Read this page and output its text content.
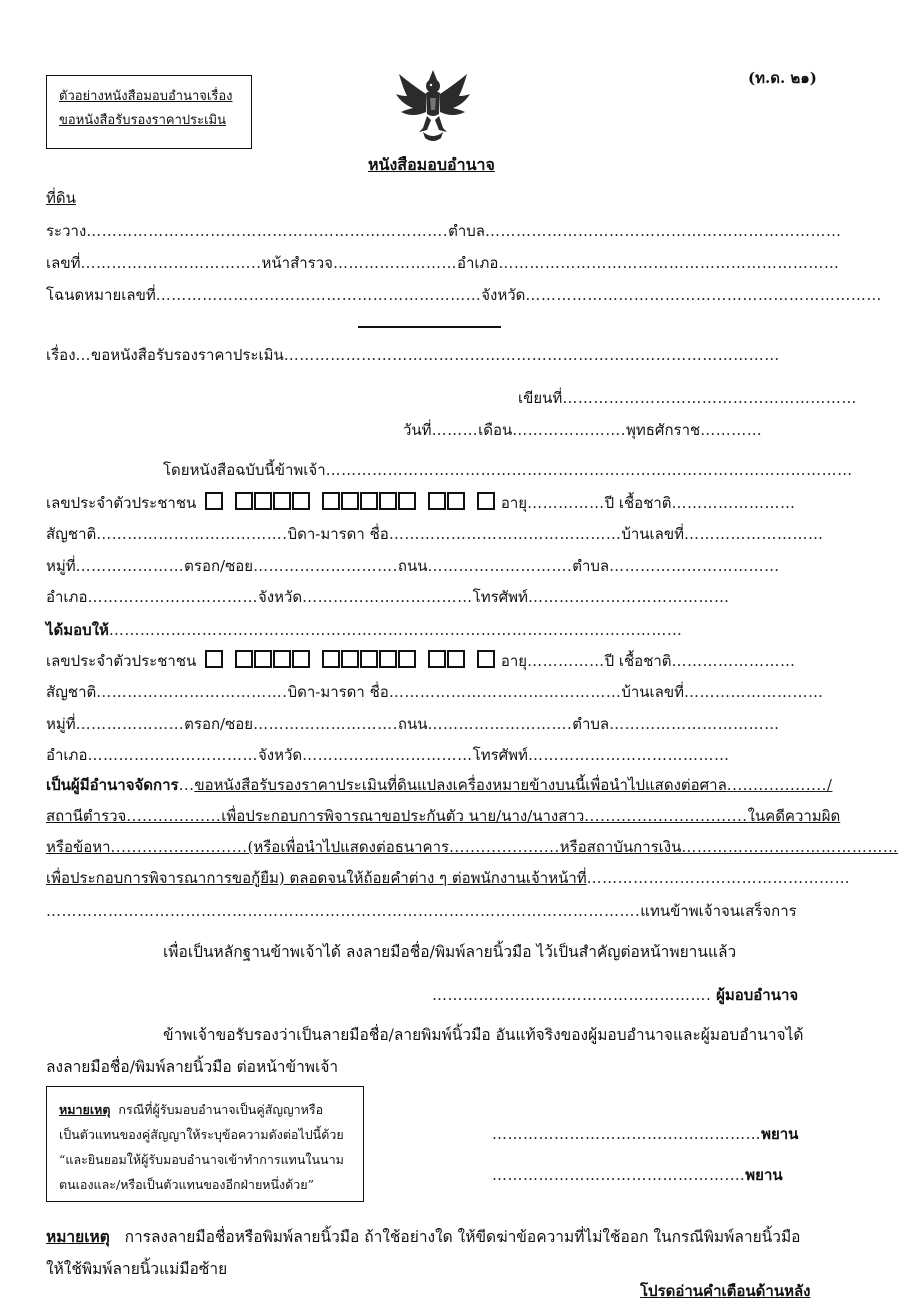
ตัวอย่างหนังสือมอบอำนาจเรื่อง
ขอหนังสือรับรองราคาประเมิน
(ท.ด. ๒๑)
หนังสือมอบอำนาจ
ที่ดิน
ระวาง…………………………………………………………….ตำบล……………………………………………………………
เลขที่……………………………..หน้าสำรวจ……………………อำเภอ…………………………………………………………
โฉนดหมายเลขที่………………………………………………………จังหวัด……………………………………………………………
เรื่อง…ขอหนังสือรับรองราคาประเมิน……………………………………………………………………………………
เขียนที่…………………………………………………
วันที่………เดือน………………….พุทธศักราช…………
โดยหนังสือฉบับนี้ข้าพเจ้า…………………………………………………………………………………………
เลขประจำตัวประชาชน	อายุ……………ปี เชื้อชาติ……………………
สัญชาติ……………………………….บิดา-มารดา ชื่อ………………………………………บ้านเลขที่………………………
หมู่ที่…………………ตรอก/ซอย……………………….ถนน……………………….ตำบล……………………………
อำเภอ……………………………จังหวัด……………………………โทรศัพท์…………………………………
ได้มอบให้…………………………………………………………………………………………………
เลขประจำตัวประชาชน	อายุ……………ปี เชื้อชาติ……………………
สัญชาติ……………………………….บิดา-มารดา ชื่อ………………………………………บ้านเลขที่………………………
หมู่ที่…………………ตรอก/ซอย……………………….ถนน……………………….ตำบล……………………………
อำเภอ……………………………จังหวัด……………………………โทรศัพท์…………………………………
เป็นผู้มีอำนาจจัดการ...ขอหนังสือรับรองราคาประเมินที่ดินแปลงเครื่องหมายข้างบนนี้เพื่อนำไปแสดงต่อศาล.................../
สถานีตำรวจ..................เพื่อประกอบการพิจารณาขอประกันตัว นาย/นาง/นางสาว...............................ในคดีความผิด
หรือข้อหา..........................(หรือเพื่อนำไปแสดงต่อธนาคาร.....................หรือสถาบันการเงิน……………………………………
เพื่อประกอบการพิจารณาการขอกู้ยืม) ตลอดจนให้ถ้อยคำต่าง ๆ ต่อพนักงานเจ้าหน้าที่……………………………………………
…………………………………………………………………………………………………….แทนข้าพเจ้าจนเสร็จการ
เพื่อเป็นหลักฐานข้าพเจ้าได้ ลงลายมือชื่อ/พิมพ์ลายนิ้วมือ ไว้เป็นสำคัญต่อหน้าพยานแล้ว
…………..…………………………………. ผู้มอบอำนาจ
ข้าพเจ้าขอรับรองว่าเป็นลายมือชื่อ/ลายพิมพ์นิ้วมือ อันแท้จริงของผู้มอบอำนาจและผู้มอบอำนาจได้
ลงลายมือชื่อ/พิมพ์ลายนิ้วมือ ต่อหน้าข้าพเจ้า
หมายเหตุ กรณีที่ผู้รับมอบอำนาจเป็นคู่สัญญาหรือ
เป็นตัวแทนของคู่สัญญาให้ระบุข้อความดังต่อไปนี้ด้วย
“และยินยอมให้ผู้รับมอบอำนาจเข้าทำการแทนในนาม
ตนเองและ/หรือเป็นตัวแทนของอีกฝ่ายหนึ่งด้วย”
……………………………....……………พยาน
……………………………………….…พยาน
หมายเหตุ การลงลายมือชื่อหรือพิมพ์ลายนิ้วมือ ถ้าใช้อย่างใด ให้ขีดฆ่าข้อความที่ไม่ใช้ออก ในกรณีพิมพ์ลายนิ้วมือ
ให้ใช้พิมพ์ลายนิ้วแม่มือซ้าย
โปรดอ่านคำเตือนด้านหลัง
